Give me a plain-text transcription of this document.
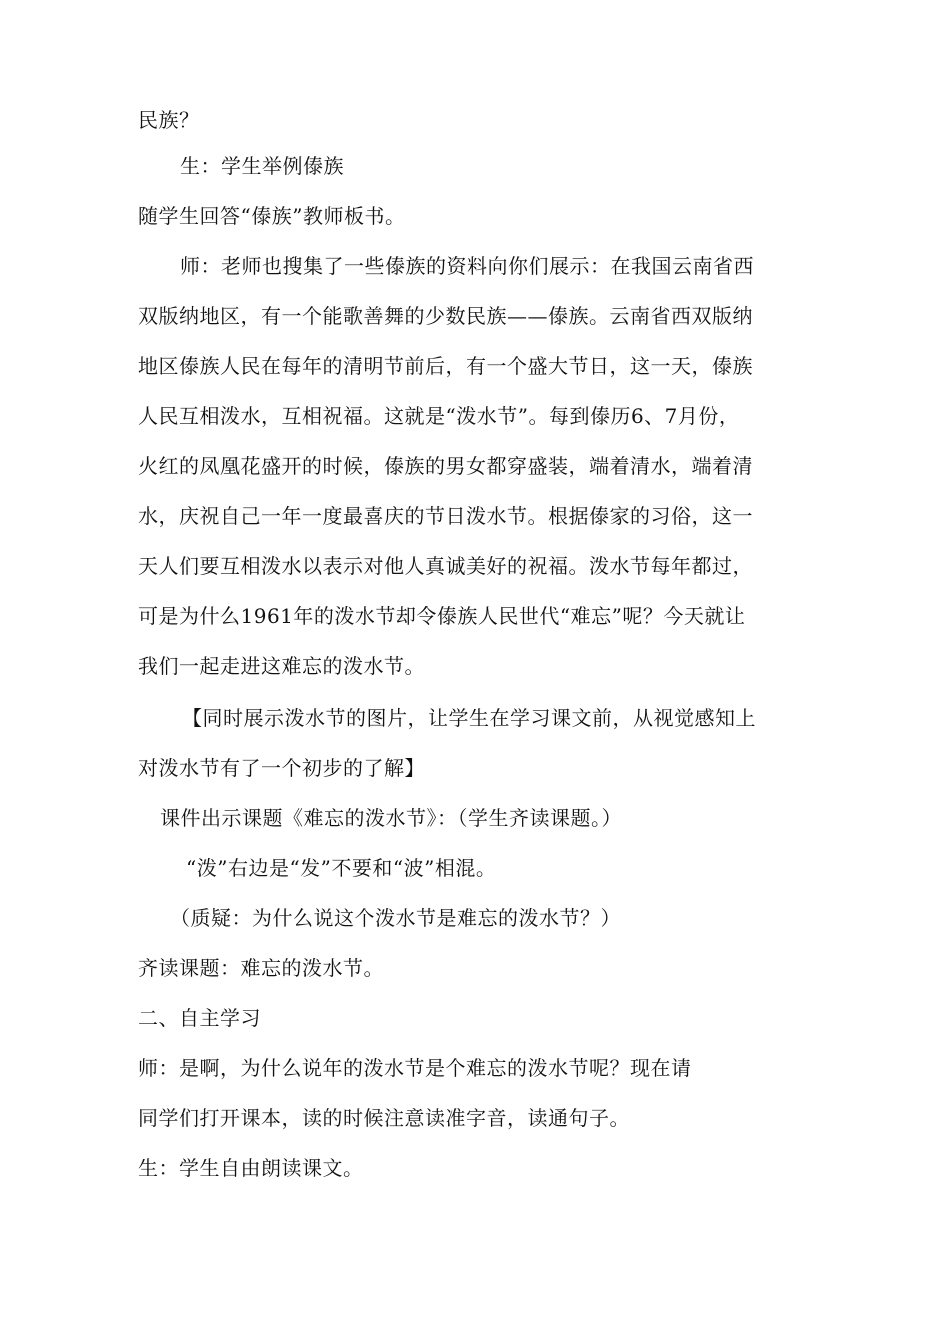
民族？
生：学生举例傣族
随学生回答“傣族”教师板书。
师：老师也搜集了一些傣族的资料向你们展示：在我国云南省西
双版纳地区，有一个能歌善舞的少数民族——傣族。云南省西双版纳
地区傣族人民在每年的清明节前后，有一个盛大节日，这一天，傣族
人民互相泼水，互相祝福。这就是“泼水节”。每到傣历6、7月份，
火红的凤凰花盛开的时候，傣族的男女都穿盛装，端着清水，端着清
水，庆祝自己一年一度最喜庆的节日泼水节。根据傣家的习俗，这一
天人们要互相泼水以表示对他人真诚美好的祝福。泼水节每年都过，
可是为什么1961年的泼水节却令傣族人民世代“难忘”呢？今天就让
我们一起走进这难忘的泼水节。
【同时展示泼水节的图片，让学生在学习课文前，从视觉感知上
对泼水节有了一个初步的了解】
课件出示课题《难忘的泼水节》：（学生齐读课题。）
“泼”右边是“发”不要和“波”相混。
（质疑：为什么说这个泼水节是难忘的泼水节？）
齐读课题：难忘的泼水节。
二、自主学习
师：是啊，为什么说年的泼水节是个难忘的泼水节呢？现在请
同学们打开课本，读的时候注意读准字音，读通句子。
生：学生自由朗读课文。
